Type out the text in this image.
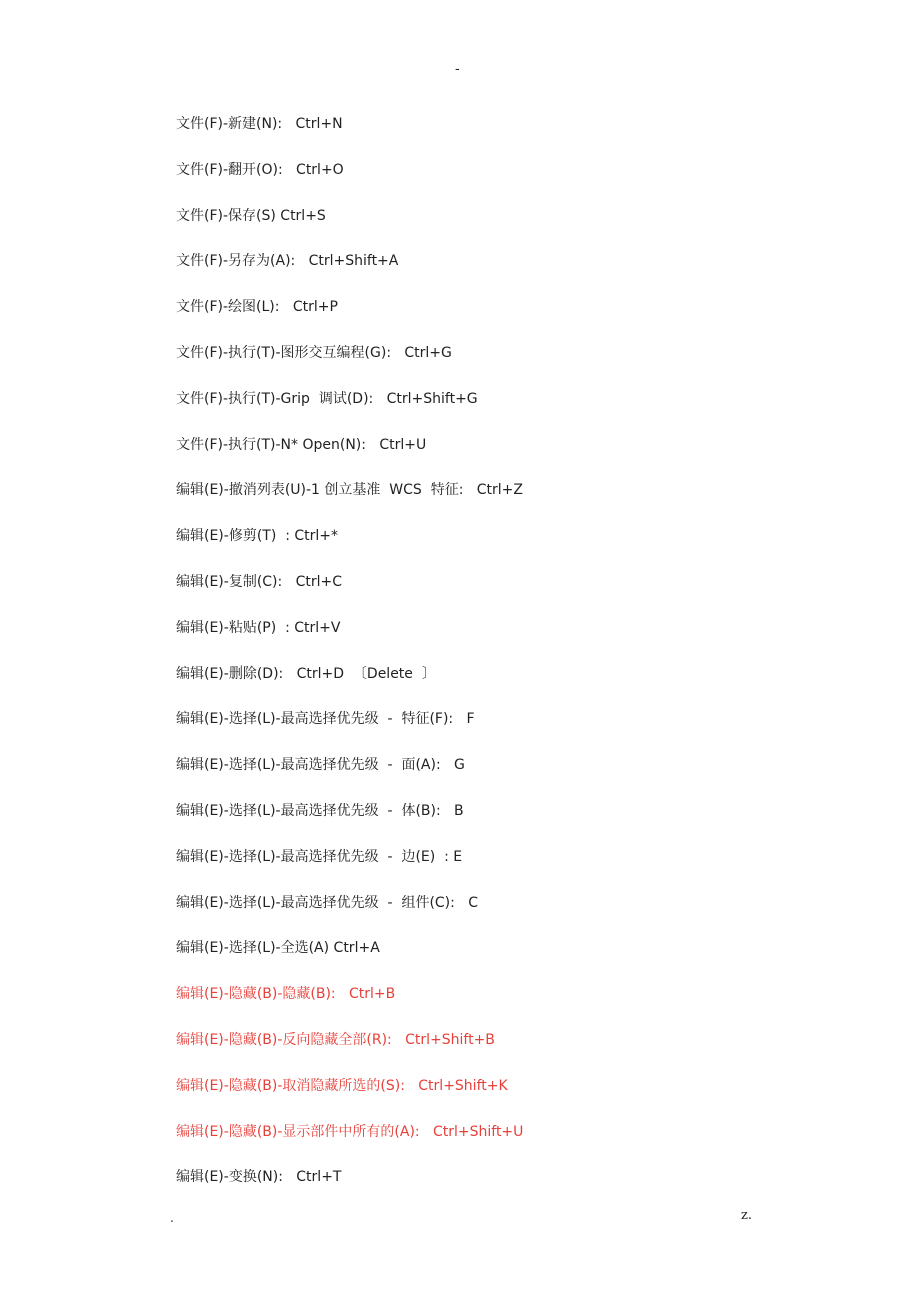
-
文件(F)-新建(N):   Ctrl+N
文件(F)-翻开(O):   Ctrl+O
文件(F)-保存(S) Ctrl+S
文件(F)-另存为(A):   Ctrl+Shift+A
文件(F)-绘图(L):   Ctrl+P
文件(F)-执行(T)-图形交互编程(G):   Ctrl+G
文件(F)-执行(T)-Grip  调试(D):   Ctrl+Shift+G
文件(F)-执行(T)-N* Open(N):   Ctrl+U
编辑(E)-撤消列表(U)-1 创立基准  WCS  特征:   Ctrl+Z
编辑(E)-修剪(T)  : Ctrl+*
编辑(E)-复制(C):   Ctrl+C
编辑(E)-粘贴(P)  : Ctrl+V
编辑(E)-删除(D):   Ctrl+D  〔Delete  〕
编辑(E)-选择(L)-最高选择优先级  -  特征(F):   F
编辑(E)-选择(L)-最高选择优先级  -  面(A):   G
编辑(E)-选择(L)-最高选择优先级  -  体(B):   B
编辑(E)-选择(L)-最高选择优先级  -  边(E)  : E
编辑(E)-选择(L)-最高选择优先级  -  组件(C):   C
编辑(E)-选择(L)-全选(A) Ctrl+A
编辑(E)-隐藏(B)-隐藏(B):   Ctrl+B
编辑(E)-隐藏(B)-反向隐藏全部(R):   Ctrl+Shift+B
编辑(E)-隐藏(B)-取消隐藏所选的(S):   Ctrl+Shift+K
编辑(E)-隐藏(B)-显示部件中所有的(A):   Ctrl+Shift+U
编辑(E)-变换(N):   Ctrl+T
.	z.
